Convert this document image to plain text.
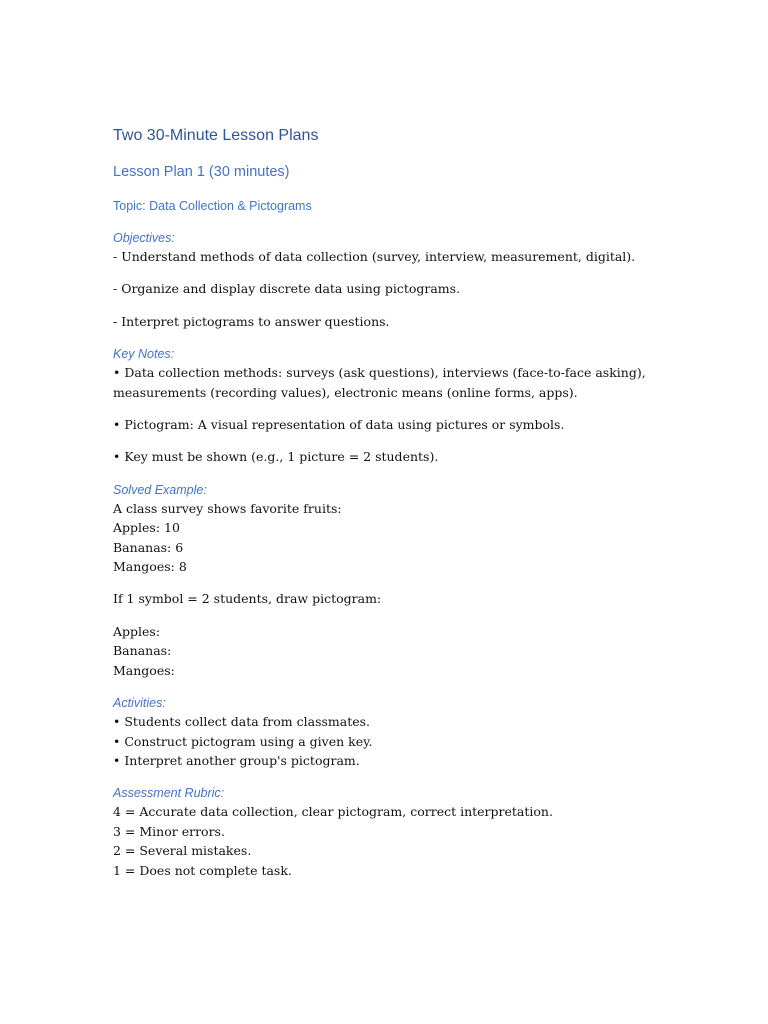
Two 30-Minute Lesson Plans
Lesson Plan 1 (30 minutes)
Topic: Data Collection & Pictograms
Objectives:
- Understand methods of data collection (survey, interview, measurement, digital).
- Organize and display discrete data using pictograms.
- Interpret pictograms to answer questions.
Key Notes:
• Data collection methods: surveys (ask questions), interviews (face-to-face asking), measurements (recording values), electronic means (online forms, apps).
• Pictogram: A visual representation of data using pictures or symbols.
• Key must be shown (e.g., 1 picture = 2 students).
Solved Example:
A class survey shows favorite fruits:
Apples: 10
Bananas: 6
Mangoes: 8
If 1 symbol = 2 students, draw pictogram:
Apples:
Bananas:
Mangoes:
Activities:
• Students collect data from classmates.
• Construct pictogram using a given key.
• Interpret another group's pictogram.
Assessment Rubric:
4 = Accurate data collection, clear pictogram, correct interpretation.
3 = Minor errors.
2 = Several mistakes.
1 = Does not complete task.
